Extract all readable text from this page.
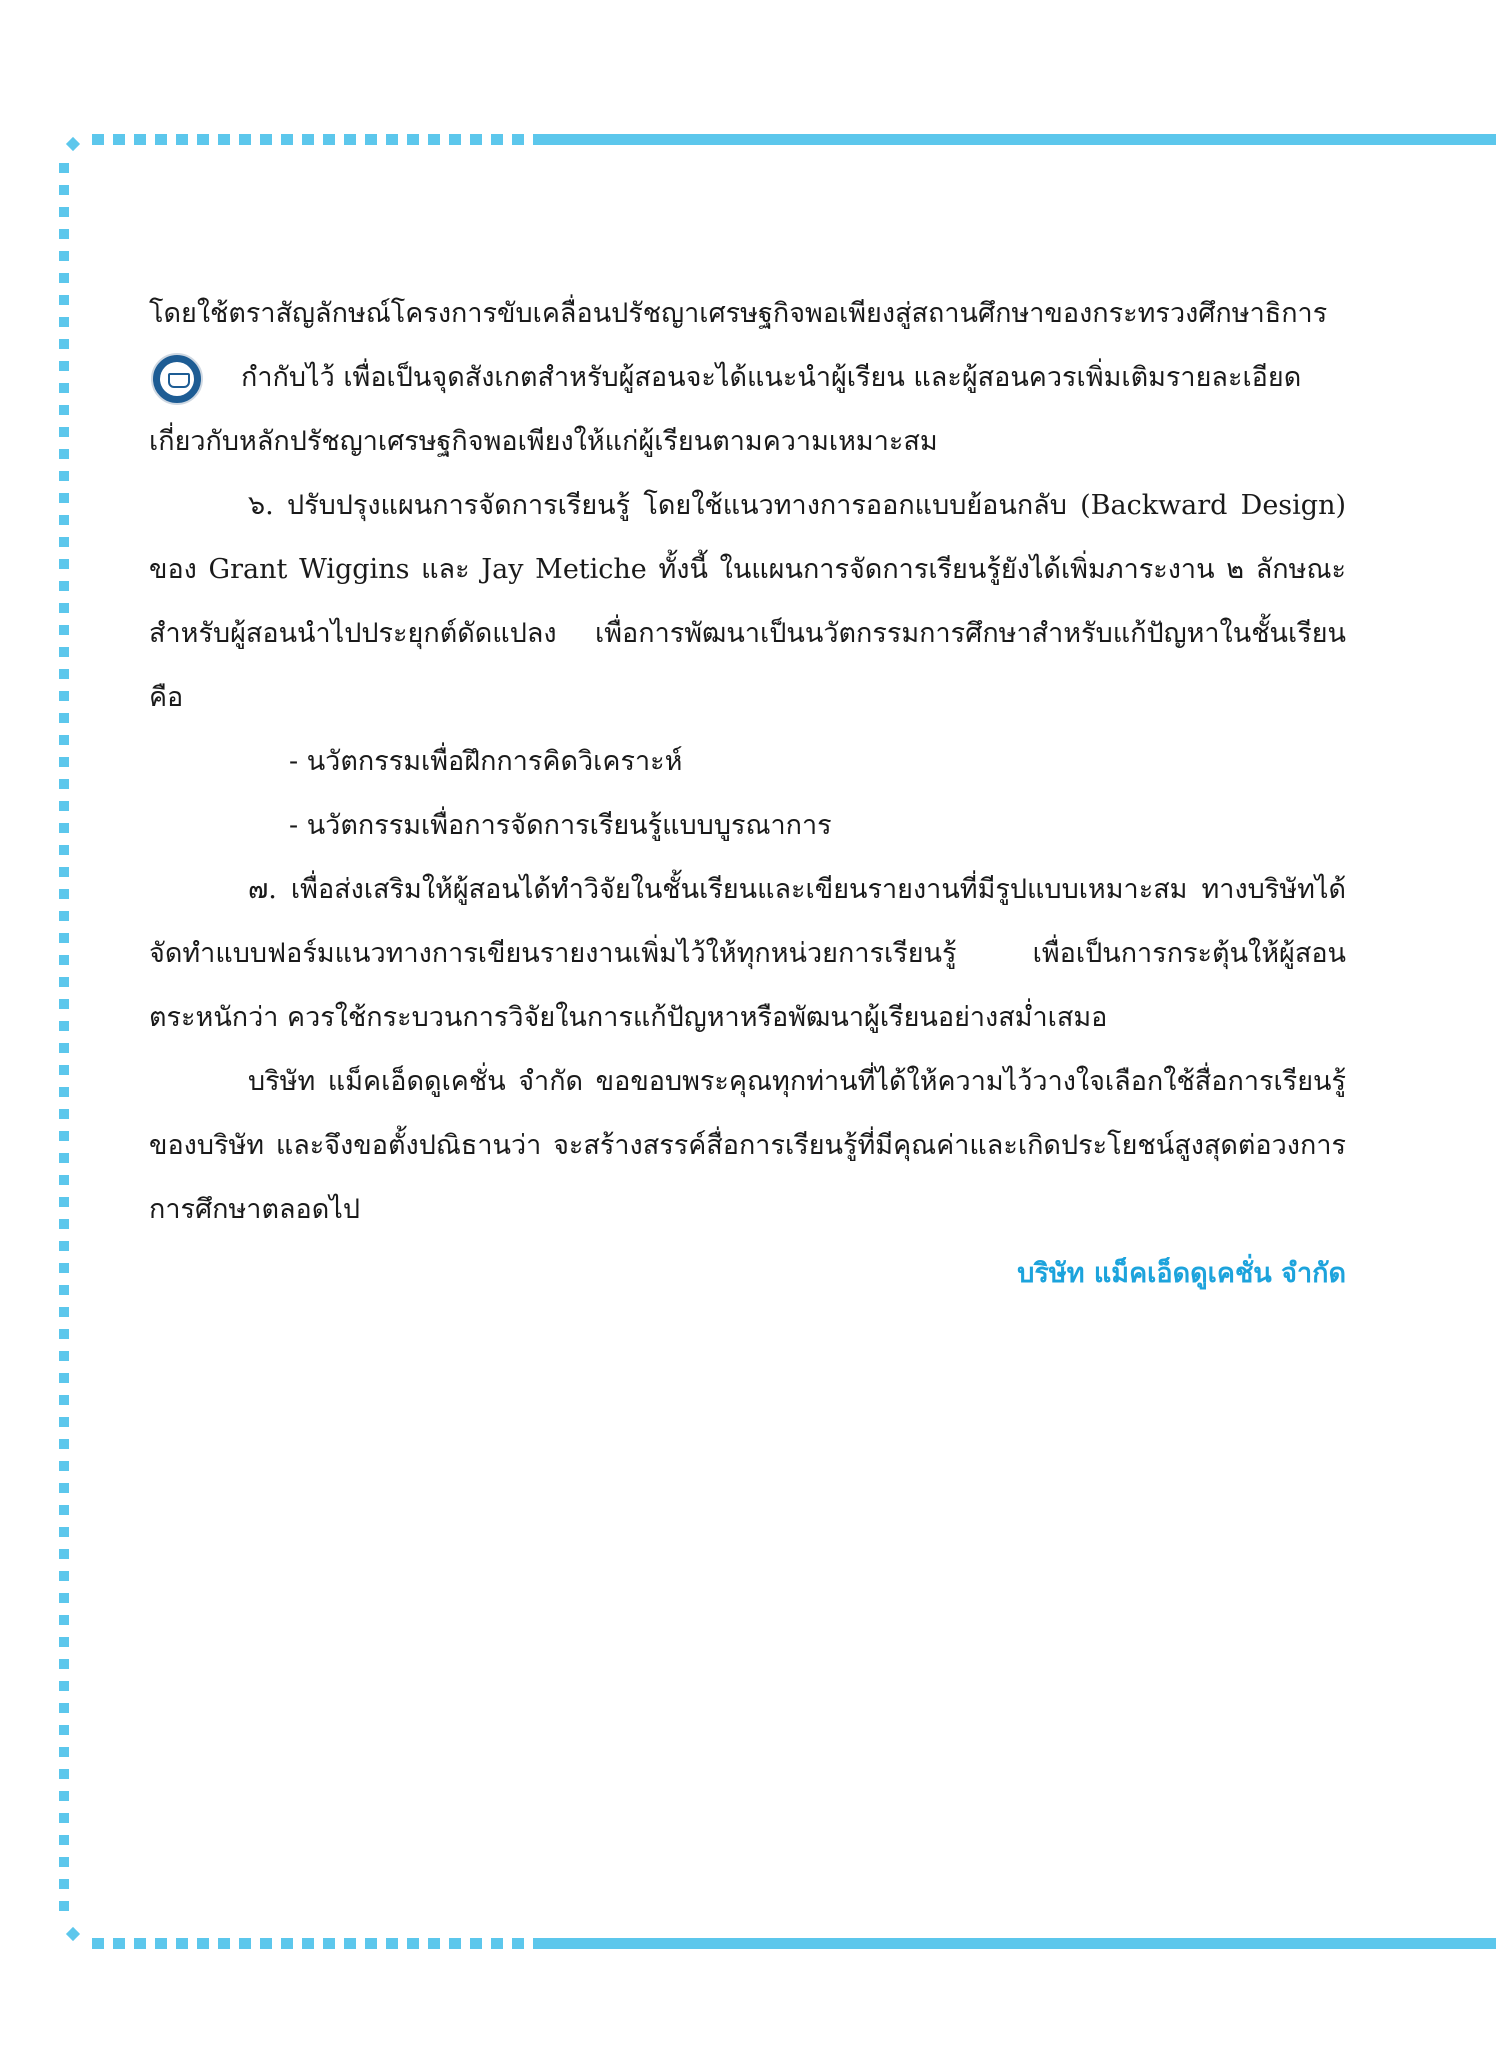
โดยใช้ตราสัญลักษณ์โครงการขับเคลื่อนปรัชญาเศรษฐกิจพอเพียงสู่สถานศึกษาของกระทรวงศึกษาธิการ

กำกับไว้ เพื่อเป็นจุดสังเกตสำหรับผู้สอนจะได้แนะนำผู้เรียน และผู้สอนควรเพิ่มเติมรายละเอียด

เกี่ยวกับหลักปรัชญาเศรษฐกิจพอเพียงให้แก่ผู้เรียนตามความเหมาะสม

๖. ปรับปรุงแผนการจัดการเรียนรู้ โดยใช้แนวทางการออกแบบย้อนกลับ (Backward Design) ของ Grant Wiggins และ Jay Metiche ทั้งนี้ ในแผนการจัดการเรียนรู้ยังได้เพิ่มภาระงาน ๒ ลักษณะ สำหรับผู้สอนนำไปประยุกต์ดัดแปลง เพื่อการพัฒนาเป็นนวัตกรรมการศึกษาสำหรับแก้ปัญหาในชั้นเรียน คือ

- นวัตกรรมเพื่อฝึกการคิดวิเคราะห์

- นวัตกรรมเพื่อการจัดการเรียนรู้แบบบูรณาการ

๗. เพื่อส่งเสริมให้ผู้สอนได้ทำวิจัยในชั้นเรียนและเขียนรายงานที่มีรูปแบบเหมาะสม ทางบริษัทได้จัดทำแบบฟอร์มแนวทางการเขียนรายงานเพิ่มไว้ให้ทุกหน่วยการเรียนรู้ เพื่อเป็นการกระตุ้นให้ผู้สอนตระหนักว่า ควรใช้กระบวนการวิจัยในการแก้ปัญหาหรือพัฒนาผู้เรียนอย่างสม่ำเสมอ

บริษัท แม็คเอ็ดดูเคชั่น จำกัด ขอขอบพระคุณทุกท่านที่ได้ให้ความไว้วางใจเลือกใช้สื่อการเรียนรู้ของบริษัท และจึงขอตั้งปณิธานว่า จะสร้างสรรค์สื่อการเรียนรู้ที่มีคุณค่าและเกิดประโยชน์สูงสุดต่อวงการการศึกษาตลอดไป

บริษัท แม็คเอ็ดดูเคชั่น จำกัด
